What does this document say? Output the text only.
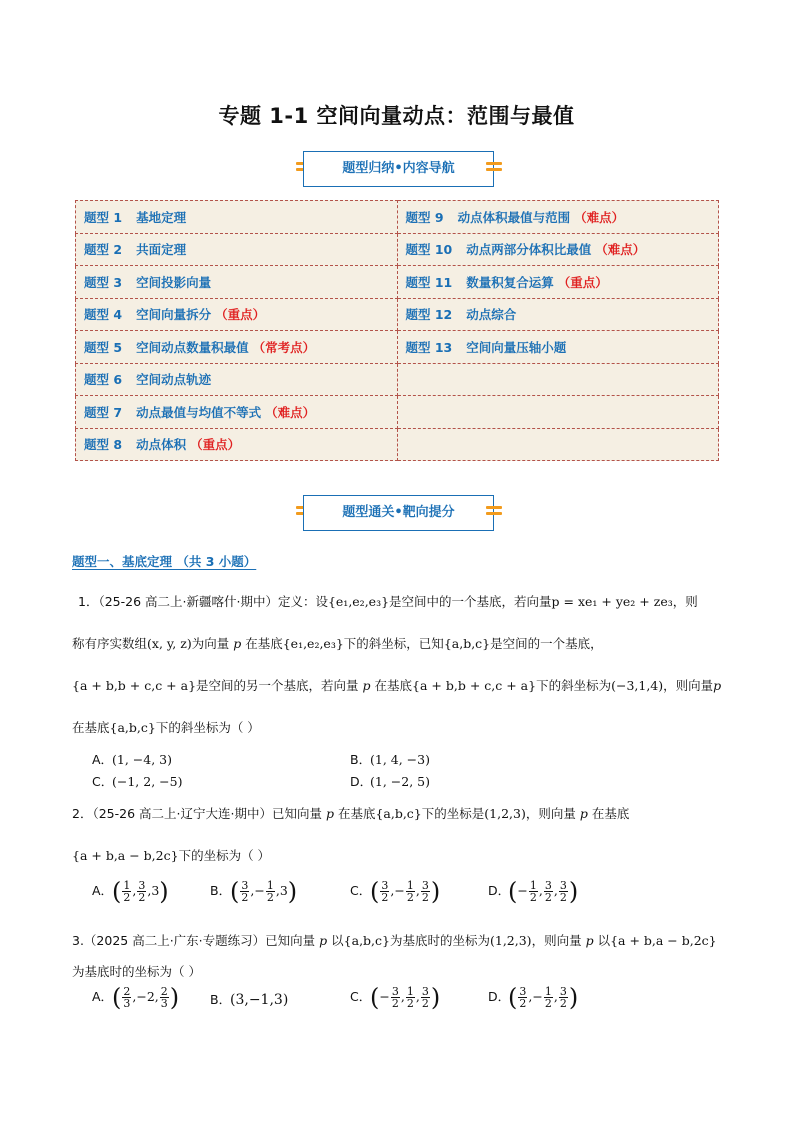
专题 1-1 空间向量动点：范围与最值
题型归纳•内容导航
题型 1 基地定理	题型 9 动点体积最值与范围 （难点）
题型 2 共面定理	题型 10 动点两部分体积比最值 （难点）
题型 3 空间投影向量	题型 11 数量积复合运算 （重点）
题型 4 空间向量拆分 （重点）	题型 12 动点综合
题型 5 空间动点数量积最值 （常考点）	题型 13 空间向量压轴小题
题型 6 空间动点轨迹	
题型 7 动点最值与均值不等式 （难点）	
题型 8 动点体积 （重点）	
题型通关•靶向提分
题型一、基底定理 （共 3 小题）
1．（25-26 高二上·新疆喀什·期中）定义：设{e₁,e₂,e₃}是空间中的一个基底，若向量p = xe₁ + ye₂ + ze₃，则
称有序实数组(x, y, z)为向量 p 在基底{e₁,e₂,e₃}下的斜坐标，已知{a,b,c}是空间的一个基底，
{a + b,b + c,c + a}是空间的另一个基底，若向量 p 在基底{a + b,b + c,c + a}下的斜坐标为(−3,1,4)，则向量p
在基底{a,b,c}下的斜坐标为（ ）
A．(1, −4, 3)	B．(1, 4, −3)
C．(−1, 2, −5)	D．(1, −2, 5)
2．（25-26 高二上·辽宁大连·期中）已知向量 p 在基底{a,b,c}下的坐标是(1,2,3)，则向量 p 在基底
{a + b,a − b,2c}下的坐标为（ ）
A．( $\frac{1}{2}$ , $\frac{3}{2} ,3$)	B．( $\frac{3}{2}$ ,− $\frac{1}{2} ,3$)	C．( $\frac{3}{2}$ ,− $\frac{1}{2}$ , $\frac{3}{2}$ )	D．(− $\frac{1}{2}$ , $\frac{3}{2}$ , $\frac{3}{2}$ )
3.（2025 高二上·广东·专题练习）已知向量 p 以{a,b,c}为基底时的坐标为(1,2,3)，则向量 p 以{a + b,a − b,2c}
为基底时的坐标为（ ）
A．( $\frac{2}{3} ,-2$, $\frac{2}{3}$ ) B．(3,−1,3)	C．(− $\frac{3}{2}$ , $\frac{1}{2}$ , $\frac{3}{2}$ )	D．( $\frac{3}{2}$ ,− $\frac{1}{2}$ , $\frac{3}{2}$ )
